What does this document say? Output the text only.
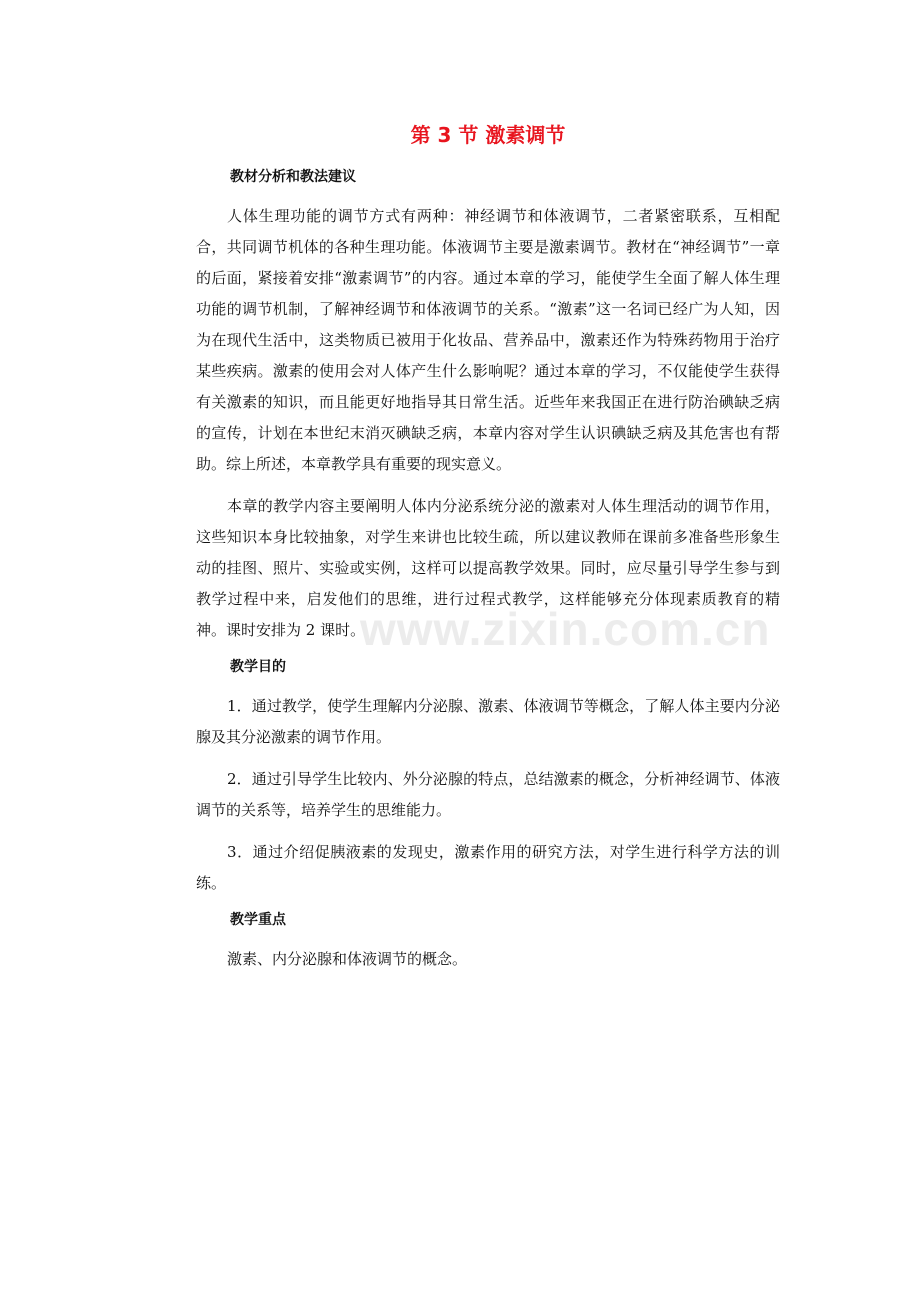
www.zixin.com.cn
第 3 节 激素调节
教材分析和教法建议

人体生理功能的调节方式有两种：神经调节和体液调节，二者紧密联系，互相配合，共同调节机体的各种生理功能。体液调节主要是激素调节。教材在“神经调节”一章的后面，紧接着安排“激素调节”的内容。通过本章的学习，能使学生全面了解人体生理功能的调节机制，了解神经调节和体液调节的关系。“激素”这一名词已经广为人知，因为在现代生活中，这类物质已被用于化妆品、营养品中，激素还作为特殊药物用于治疗某些疾病。激素的使用会对人体产生什么影响呢？通过本章的学习，不仅能使学生获得有关激素的知识，而且能更好地指导其日常生活。近些年来我国正在进行防治碘缺乏病的宣传，计划在本世纪末消灭碘缺乏病，本章内容对学生认识碘缺乏病及其危害也有帮助。综上所述，本章教学具有重要的现实意义。

本章的教学内容主要阐明人体内分泌系统分泌的激素对人体生理活动的调节作用，这些知识本身比较抽象，对学生来讲也比较生疏，所以建议教师在课前多准备些形象生动的挂图、照片、实验或实例，这样可以提高教学效果。同时，应尽量引导学生参与到教学过程中来，启发他们的思维，进行过程式教学，这样能够充分体现素质教育的精神。课时安排为 2 课时。

教学目的

1．通过教学，使学生理解内分泌腺、激素、体液调节等概念，了解人体主要内分泌腺及其分泌激素的调节作用。

2．通过引导学生比较内、外分泌腺的特点，总结激素的概念，分析神经调节、体液调节的关系等，培养学生的思维能力。

3．通过介绍促胰液素的发现史，激素作用的研究方法，对学生进行科学方法的训练。

教学重点

激素、内分泌腺和体液调节的概念。
